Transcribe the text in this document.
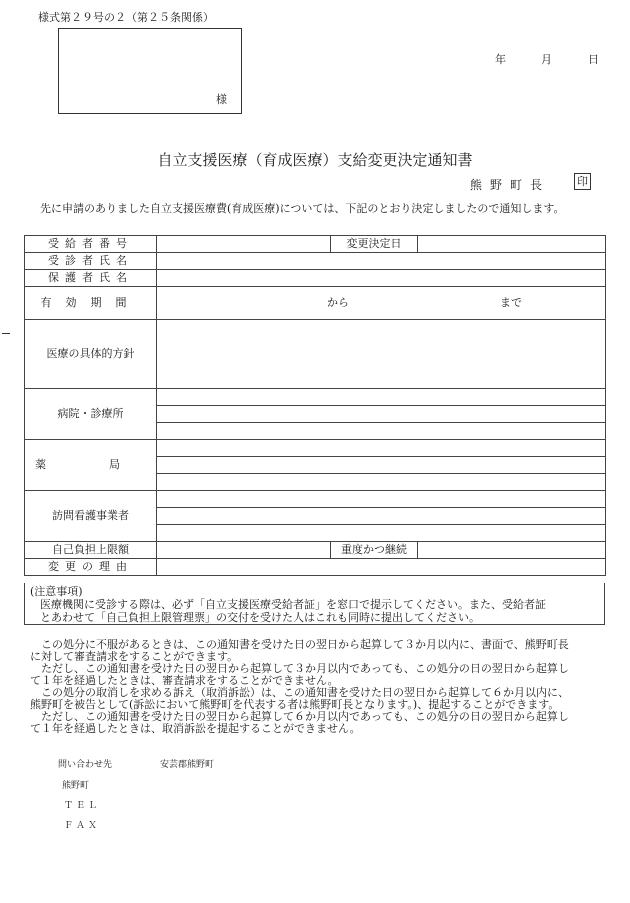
様式第２９号の２（第２５条関係）
様
年	月	日
自立支援医療（育成医療）支給変更決定通知書
熊野町長 印
先に申請のありました自立支援医療費(育成医療)については、下記のとおり決定しましたので通知します。
受給者番号		変更決定日	
受診者氏名			
保護者氏名			
有効期間	から まで		

医療の具体的方針			
病院・診療所			

薬　局			

訪問看護事業者			

自己負担上限額		重度かつ継続	
変更の理由			
(注意事項)
医療機関に受診する際は、必ず「自立支援医療受給者証」を窓口で提示してください。また、受給者証
とあわせて「自己負担上限管理票」の交付を受けた人はこれも同時に提出してください。
この処分に不服があるときは、この通知書を受けた日の翌日から起算して３か月以内に、書面で、熊野町長
に対して審査請求をすることができます。
ただし、この通知書を受けた日の翌日から起算して３か月以内であっても、この処分の日の翌日から起算し
て１年を経過したときは、審査請求をすることができません。
この処分の取消しを求める訴え（取消訴訟）は、この通知書を受けた日の翌日から起算して６か月以内に、
熊野町を被告として(訴訟において熊野町を代表する者は熊野町長となります。)、提起することができます。
ただし、この通知書を受けた日の翌日から起算して６か月以内であっても、この処分の日の翌日から起算し
て１年を経過したときは、取消訴訟を提起することができません。
問い合わせ先	安芸郡熊野町
熊野町
ＴＥＬ
ＦＡＸ
